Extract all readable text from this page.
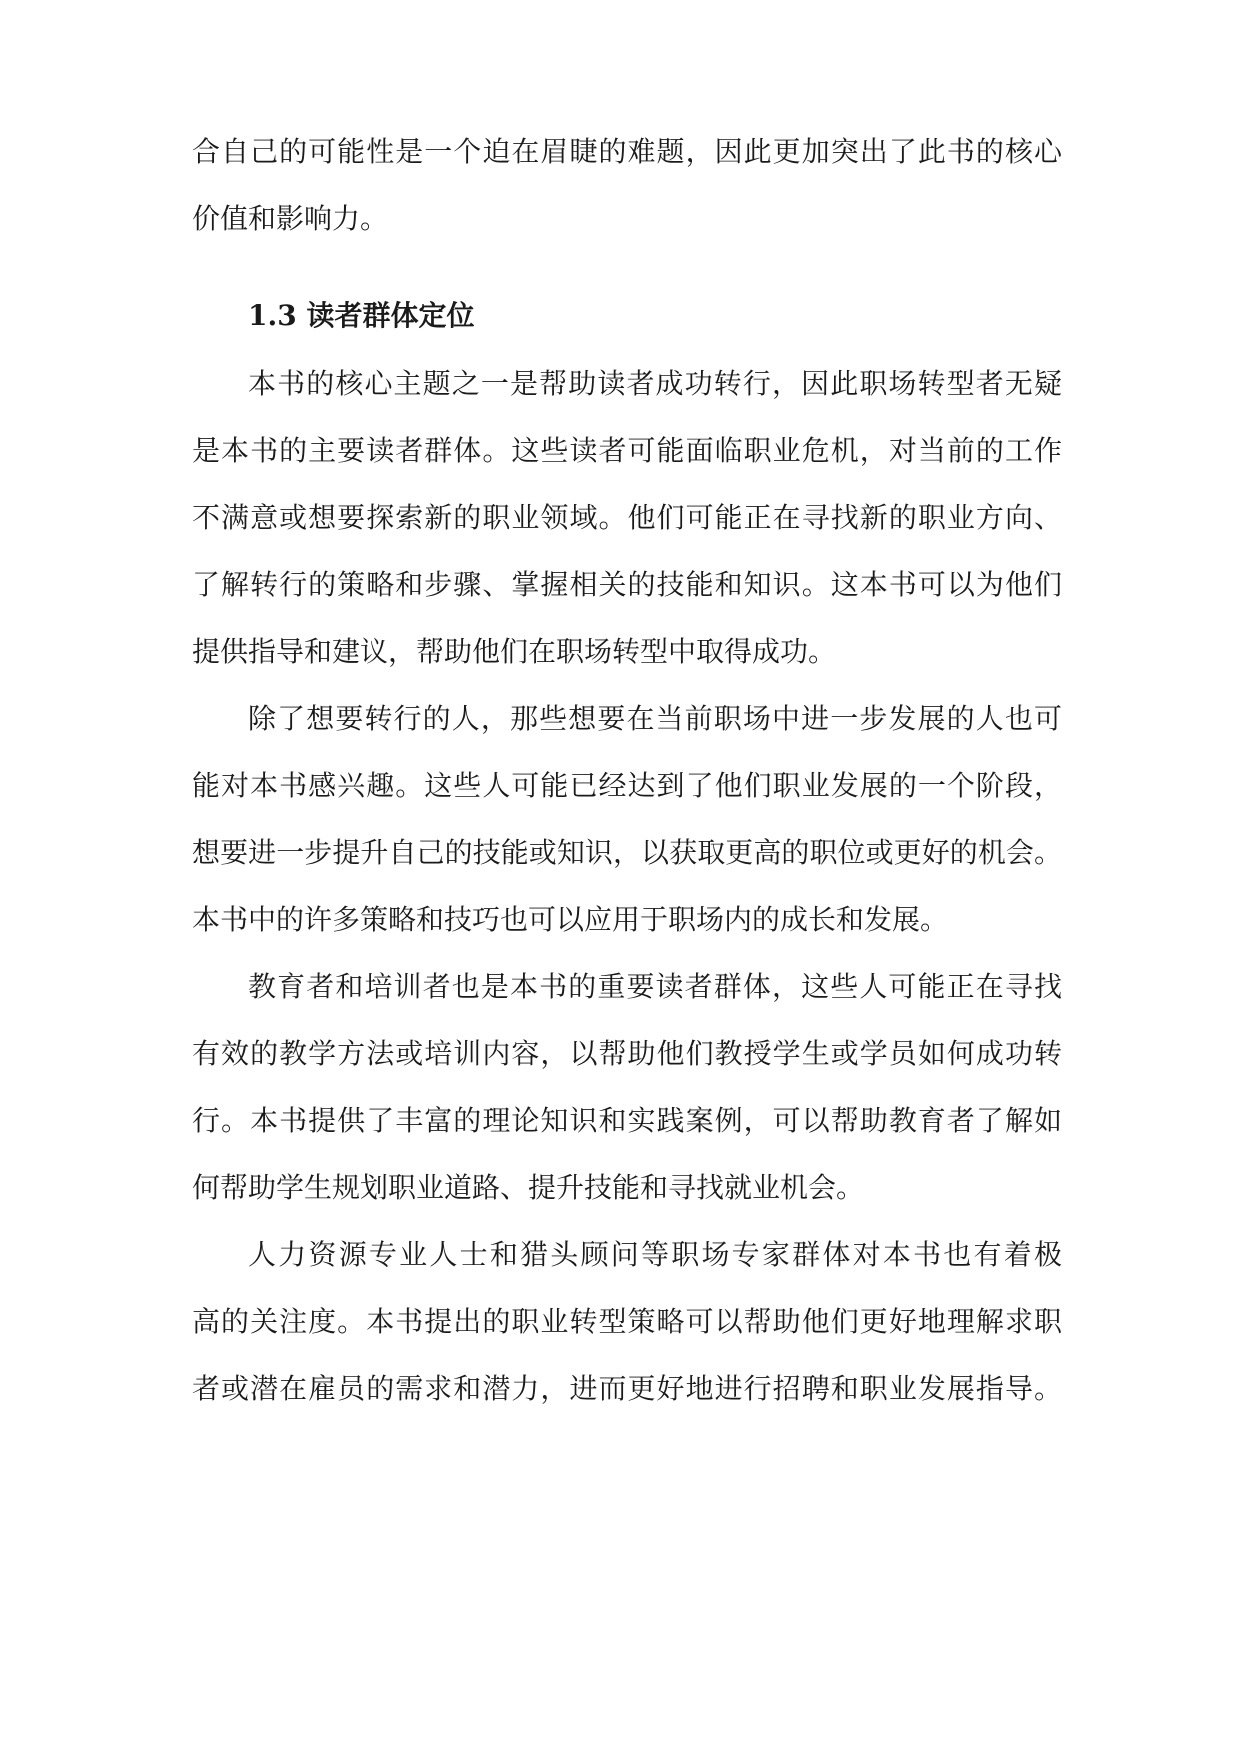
合自己的可能性是一个迫在眉睫的难题，因此更加突出了此书的核心
价值和影响力。
1.3 读者群体定位
本书的核心主题之一是帮助读者成功转行，因此职场转型者无疑
是本书的主要读者群体。这些读者可能面临职业危机，对当前的工作
不满意或想要探索新的职业领域。他们可能正在寻找新的职业方向、
了解转行的策略和步骤、掌握相关的技能和知识。这本书可以为他们
提供指导和建议，帮助他们在职场转型中取得成功。
除了想要转行的人，那些想要在当前职场中进一步发展的人也可
能对本书感兴趣。这些人可能已经达到了他们职业发展的一个阶段，
想要进一步提升自己的技能或知识，以获取更高的职位或更好的机会。
本书中的许多策略和技巧也可以应用于职场内的成长和发展。
教育者和培训者也是本书的重要读者群体，这些人可能正在寻找
有效的教学方法或培训内容，以帮助他们教授学生或学员如何成功转
行。本书提供了丰富的理论知识和实践案例，可以帮助教育者了解如
何帮助学生规划职业道路、提升技能和寻找就业机会。
人力资源专业人士和猎头顾问等职场专家群体对本书也有着极
高的关注度。本书提出的职业转型策略可以帮助他们更好地理解求职
者或潜在雇员的需求和潜力，进而更好地进行招聘和职业发展指导。
